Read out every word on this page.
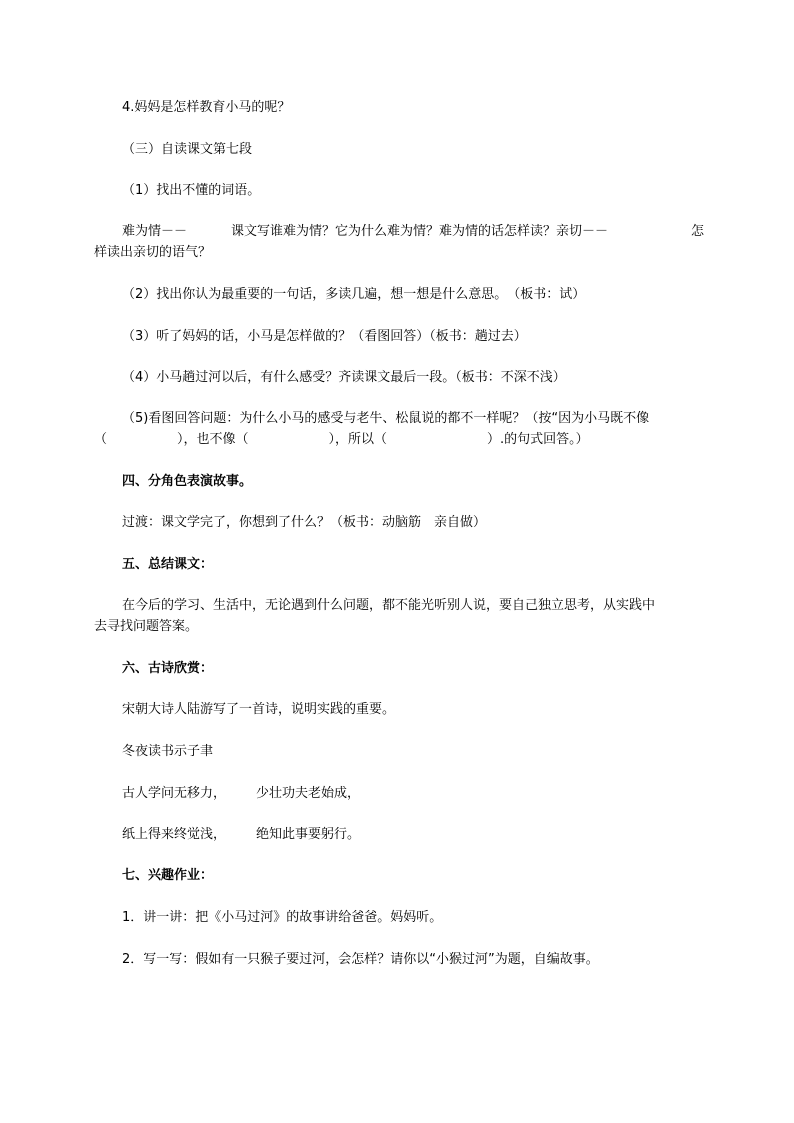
4.妈妈是怎样教育小马的呢？
（三）自读课文第七段
（1）找出不懂的词语。
难为情－－	课文写谁难为情？它为什么难为情？难为情的话怎样读？亲切－－	怎
样读出亲切的语气？
（2）找出你认为最重要的一句话，多读几遍，想一想是什么意思。　（板书：试）
（3）听了妈妈的话，小马是怎样做的？（看图回答）（板书：趟过去）
（4）小马趟过河以后，有什么感受？齐读课文最后一段。（板书：不深不浅）
（5)看图回答问题：为什么小马的感受与老牛、松鼠说的都不一样呢？（按“因为小马既不像
（	），也不像（	），所以（	）.的句式回答。）
四、分角色表演故事。
过渡：课文学完了，你想到了什么？（板书：动脑筋　亲自做）
五、总结课文：
在今后的学习、生活中，无论遇到什么问题，都不能光听别人说，要自己独立思考，从实践中
去寻找问题答案。
六、古诗欣赏：
宋朝大诗人陆游写了一首诗，说明实践的重要。
冬夜读书示子聿
古人学问无移力， 少壮功夫老始成，
纸上得来终觉浅， 绝知此事要躬行。
七、兴趣作业：
1．讲一讲：把《小马过河》的故事讲给爸爸。妈妈听。
2．写一写：假如有一只猴子要过河，会怎样？请你以“小猴过河”为题，自编故事。
